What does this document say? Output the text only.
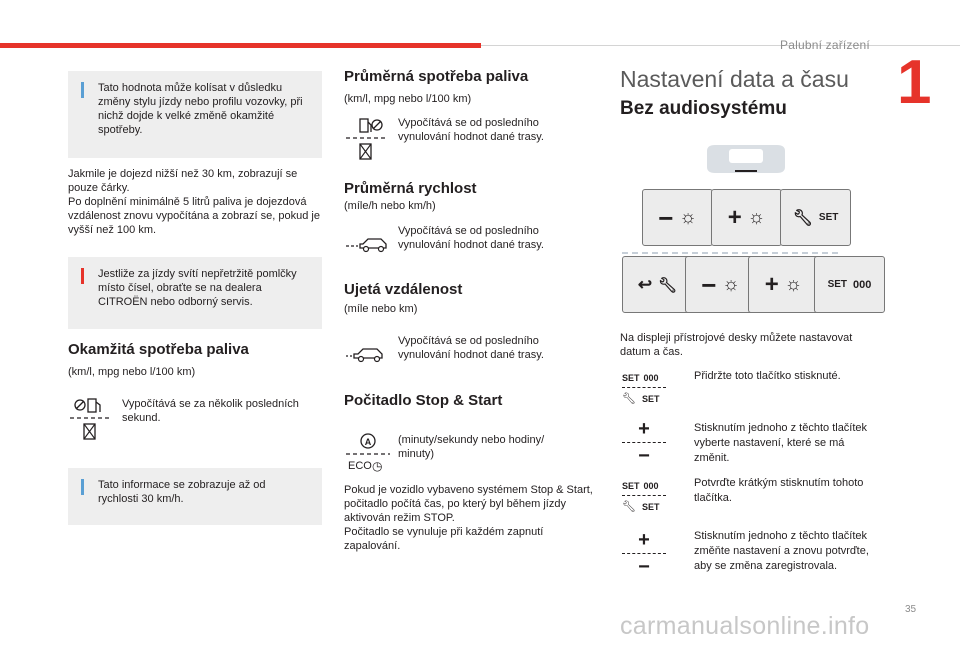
Palubní zařízení
1
Tato hodnota může kolísat v důsledku změny stylu jízdy nebo profilu vozovky, při nichž dojde k velké změně okamžité spotřeby.
Jakmile je dojezd nižší než 30 km, zobrazují se pouze čárky.
Po doplnění minimálně 5 litrů paliva je dojezdová vzdálenost znovu vypočítána a zobrazí se, pokud je vyšší než 100 km.
Jestliže za jízdy svítí nepřetržitě pomlčky místo čísel, obraťte se na dealera CITROËN nebo odborný servis.
Okamžitá spotřeba paliva
(km/l, mpg nebo l/100 km)
Vypočítává se za několik posledních sekund.
Tato informace se zobrazuje až od rychlosti 30 km/h.
Průměrná spotřeba paliva
(km/l, mpg nebo l/100 km)
Vypočítává se od posledního vynulování hodnot dané trasy.
Průměrná rychlost
(míle/h nebo km/h)
Vypočítává se od posledního vynulování hodnot dané trasy.
Ujetá vzdálenost
(míle nebo km)
Vypočítává se od posledního vynulování hodnot dané trasy.
Počitadlo Stop & Start
A
ECO ◷
(minuty/sekundy nebo hodiny/ minuty)
Pokud je vozidlo vybaveno systémem Stop & Start, počitadlo počítá čas, po který byl během jízdy aktivován režim STOP.
Počitadlo se vynuluje při každém zapnutí zapalování.
Nastavení data a času
Bez audiosystému
− ☼ + ☼ 🔧︎ SET
↩ 🔧︎ − ☼ + ☼	SET 000
Na displeji přístrojové desky můžete nastavovat datum a čas.
SET 000
🔧︎ SET
Přidržte toto tlačítko stisknuté.
+
−
Stisknutím jednoho z těchto tlačítek vyberte nastavení, které se má změnit.
SET 000
🔧︎ SET
Potvrďte krátkým stisknutím tohoto tlačítka.
+
−
Stisknutím jednoho z těchto tlačítek změňte nastavení a znovu potvrďte, aby se změna zaregistrovala.
35
carmanualsonline.info
